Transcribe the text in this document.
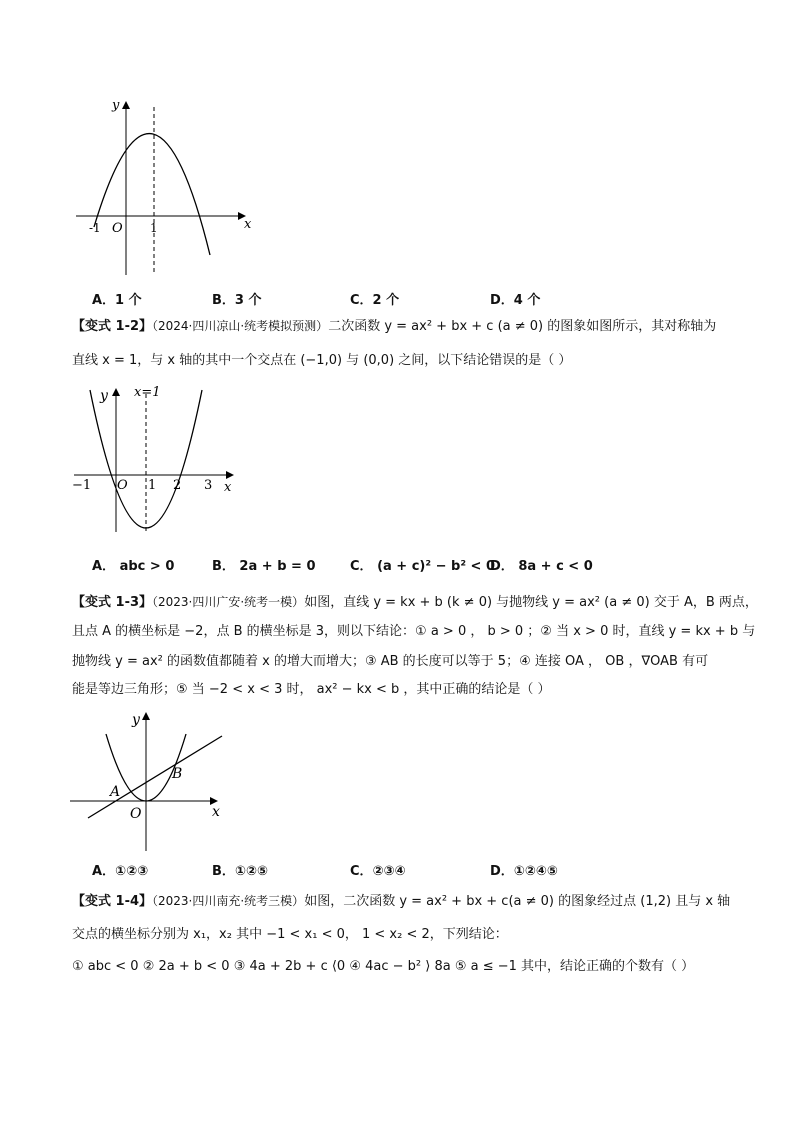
y
x
O
-1	1
A．1 个	B．3 个	C．2 个	D．4 个
【变式 1-2】（2024·四川凉山·统考模拟预测）二次函数 y = ax² + bx + c (a ≠ 0) 的图象如图所示，其对称轴为
直线 x = 1，与 x 轴的其中一个交点在 (−1,0) 与 (0,0) 之间，以下结论错误的是（ ）
x=1
y
x
O
−1	1 2 3
A． abc > 0	B． 2a + b = 0	C． (a + c)² − b² < 0
D． 8a + c < 0
【变式 1-3】（2023·四川广安·统考一模）如图，直线 y = kx + b (k ≠ 0) 与抛物线 y = ax² (a ≠ 0) 交于 A，B 两点，
且点 A 的横坐标是 −2，点 B 的横坐标是 3，则以下结论：① a > 0 ， b > 0 ；② 当 x > 0 时，直线 y = kx + b 与
抛物线 y = ax² 的函数值都随着 x 的增大而增大；③ AB 的长度可以等于 5；④ 连接 OA ， OB ，∇OAB 有可
能是等边三角形；⑤ 当 −2 < x < 3 时， ax² − kx < b ，其中正确的结论是（ ）
y
x
O
A
B
A．①②③	B．①②⑤	C．②③④	D．①②④⑤
【变式 1-4】（2023·四川南充·统考三模）如图，二次函数 y = ax² + bx + c(a ≠ 0) 的图象经过点 (1,2) 且与 x 轴
交点的横坐标分别为 x₁，x₂ 其中 −1 < x₁ < 0， 1 < x₂ < 2，下列结论：
① abc < 0 ② 2a + b < 0 ③ 4a + 2b + c ⟨0 ④ 4ac − b² ⟩ 8a ⑤ a ≤ −1 其中，结论正确的个数有（ ）
